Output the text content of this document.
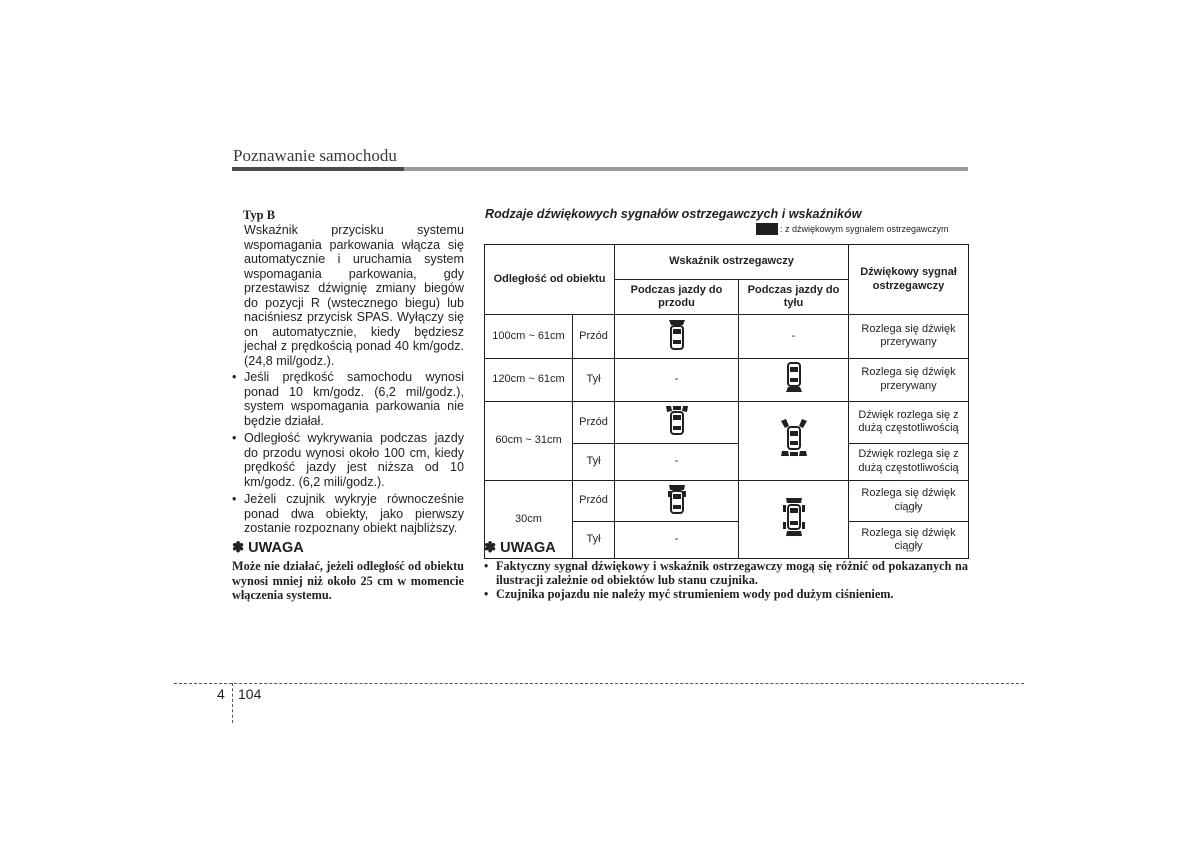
Poznawanie samochodu
Typ B
Wskaźnik przycisku systemu wspomagania parkowania włącza się automatycznie i uruchamia system wspomagania parkowania, gdy przestawisz dźwignię zmiany biegów do pozycji R (wstecznego biegu) lub naciśniesz przycisk SPAS. Wyłączy się on automatycznie, kiedy będziesz jechał z prędkością ponad 40 km/godz. (24,8 mil/godz.).
• Jeśli prędkość samochodu wynosi ponad 10 km/godz. (6,2 mil/godz.), system wspomagania parkowania nie będzie działał.
• Odległość wykrywania podczas jazdy do przodu wynosi około 100 cm, kiedy prędkość jazdy jest niższa od 10 km/godz. (6,2 mili/godz.).
• Jeżeli czujnik wykryje równocześnie ponad dwa obiekty, jako pierwszy zostanie rozpoznany obiekt najbliższy.
✽ UWAGA
Może nie działać, jeżeli odległość od obiektu wynosi mniej niż około 25 cm w momencie włączenia systemu.
Rodzaje dźwiękowych sygnałów ostrzegawczych i wskaźników
: z dźwiękowym sygnałem ostrzegawczym
Odległość od obiektu		Wskaźnik ostrzegawczy		Dźwiękowy sygnał ostrzegawczy
		Podczas jazdy do przodu	Podczas jazdy do tyłu	
100cm ~ 61cm	Przód		-	Rozlega się dźwięk przerywany
120cm ~ 61cm	Tył	-		Rozlega się dźwięk przerywany
60cm ~ 31cm	Przód			Dźwięk rozlega się z dużą częstotliwością
	Tył	-		Dźwięk rozlega się z dużą częstotliwością
30cm	Przód			Rozlega się dźwięk ciągły
	Tył	-		Rozlega się dźwięk ciągły
✽ UWAGA
• Faktyczny sygnał dźwiękowy i wskaźnik ostrzegawczy mogą się różnić od pokazanych na ilustracji zależnie od obiektów lub stanu czujnika.
• Czujnika pojazdu nie należy myć strumieniem wody pod dużym ciśnieniem.
4 104
